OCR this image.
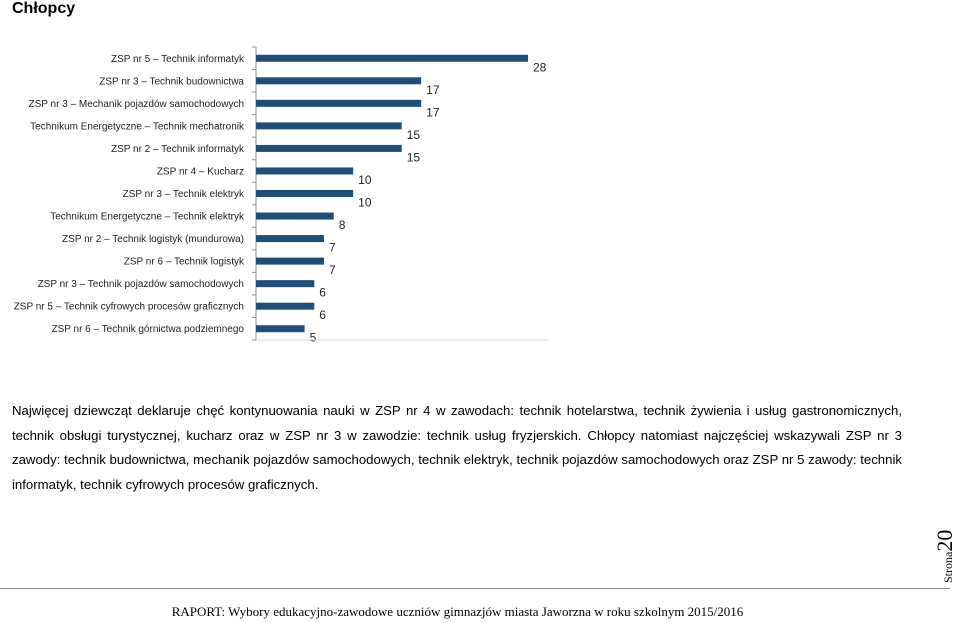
Chłopcy
ZSP nr 5 – Technik informatyk
28
ZSP nr 3 – Technik budownictwa
17
ZSP nr 3 – Mechanik pojazdów samochodowych
17
Technikum Energetyczne – Technik mechatronik
15
ZSP nr 2 – Technik informatyk
15
ZSP nr 4 – Kucharz
10
ZSP nr 3 – Technik elektryk
10
Technikum Energetyczne – Technik elektryk
8
ZSP nr 2 – Technik logistyk (mundurowa)
7
ZSP nr 6 – Technik logistyk
7
ZSP nr 3 – Technik pojazdów samochodowych
6
ZSP nr 5 – Technik cyfrowych procesów graficznych
6
ZSP nr 6 – Technik górnictwa podziemnego
5

Najwięcej dziewcząt deklaruje chęć kontynuowania nauki w ZSP nr 4 w zawodach: technik hotelarstwa, technik żywienia i usług gastronomicznych, technik obsługi turystycznej, kucharz oraz w ZSP nr 3 w zawodzie: technik usług fryzjerskich. Chłopcy natomiast najczęściej wskazywali ZSP nr 3 zawody: technik budownictwa, mechanik pojazdów samochodowych, technik elektryk, technik pojazdów samochodowych oraz ZSP nr 5 zawody: technik informatyk, technik cyfrowych procesów graficznych.

Strona20
RAPORT: Wybory edukacyjno-zawodowe uczniów gimnazjów miasta Jaworzna w roku szkolnym 2015/2016
